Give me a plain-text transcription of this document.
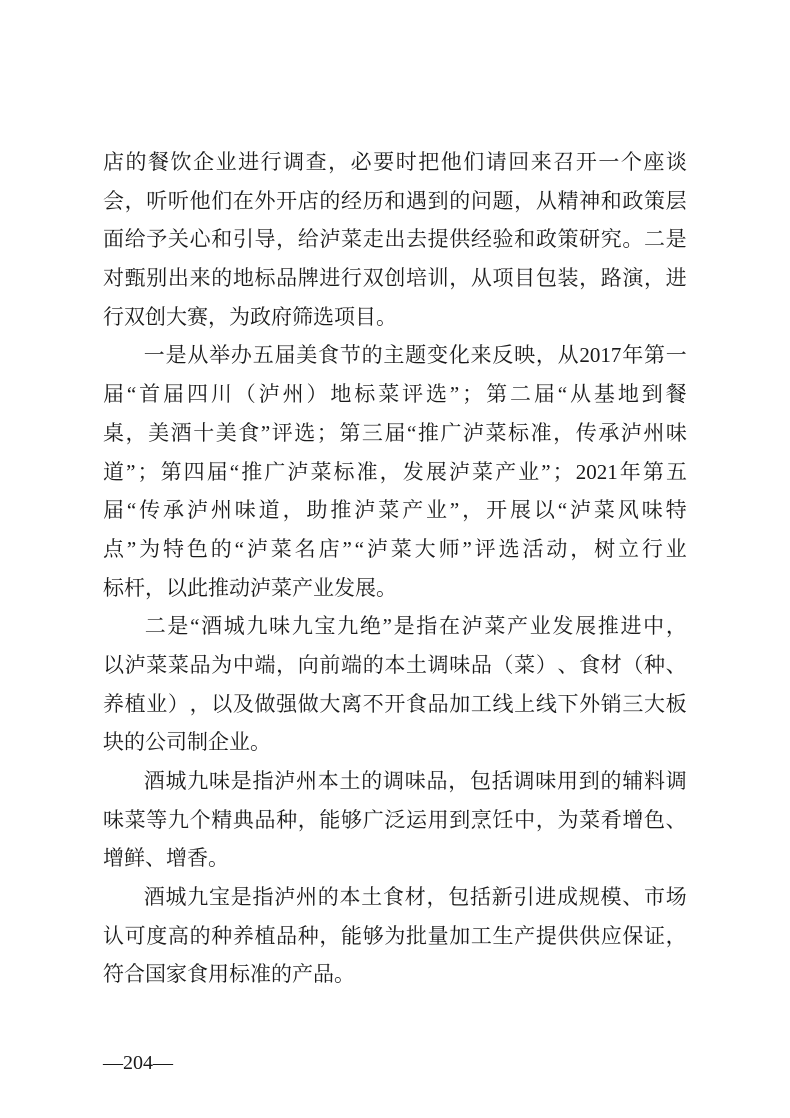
店 的 餐 饮 企 业 进 行 调 查 ， 必 要 时 把 他 们 请 回 来 召 开 一 个 座 谈
会 ， 听 听 他 们 在 外 开 店 的 经 历 和 遇 到 的 问 题 ， 从 精 神 和 政 策 层
面 给 予 关 心 和 引 导 ， 给 泸 菜 走 出 去 提 供 经 验 和 政 策 研 究 。 二 是
对 甄 别 出 来 的 地 标 品 牌 进 行 双 创 培 训 ， 从 项 目 包 装 ， 路 演 ， 进
行双创大赛，为政府筛选项目。
一 是 从 举 办 五 届 美 食 节 的 主 题 变 化 来 反 映 ， 从 2017 年 第 一
届 “ 首 届 四 川 （ 泸 州 ） 地 标 菜 评 选 ” ； 第 二 届 “ 从 基 地 到 餐
桌 ， 美 酒 十 美 食 ” 评 选 ； 第 三 届 “ 推 广 泸 菜 标 准 ， 传 承 泸 州 味
道 ” ； 第 四 届 “ 推 广 泸 菜 标 准 ， 发 展 泸 菜 产 业 ” ； 2021 年 第 五
届 “ 传 承 泸 州 味 道 ， 助 推 泸 菜 产 业 ” ， 开 展 以 “ 泸 菜 风 味 特
点 ” 为 特 色 的 “ 泸 菜 名 店 ” “ 泸 菜 大 师 ” 评 选 活 动 ， 树 立 行 业
标杆，以此推动泸菜产业发展。
二 是 “ 酒 城 九 味 九 宝 九 绝 ” 是 指 在 泸 菜 产 业 发 展 推 进 中 ，
以 泸 菜 菜 品 为 中 端 ， 向 前 端 的 本 土 调 味 品 （ 菜 ） 、 食 材 （ 种 、
养 植 业 ） ， 以 及 做 强 做 大 离 不 开 食 品 加 工 线 上 线 下 外 销 三 大 板
块的公司制企业。
酒 城 九 味 是 指 泸 州 本 土 的 调 味 品 ， 包 括 调 味 用 到 的 辅 料 调
味 菜 等 九 个 精 典 品 种 ， 能 够 广 泛 运 用 到 烹 饪 中 ， 为 菜 肴 增 色 、
增鲜、增香。
酒 城 九 宝 是 指 泸 州 的 本 土 食 材 ， 包 括 新 引 进 成 规 模 、 市 场
认 可 度 高 的 种 养 植 品 种 ， 能 够 为 批 量 加 工 生 产 提 供 供 应 保 证 ，
符合国家食用标准的产品。
—204—
